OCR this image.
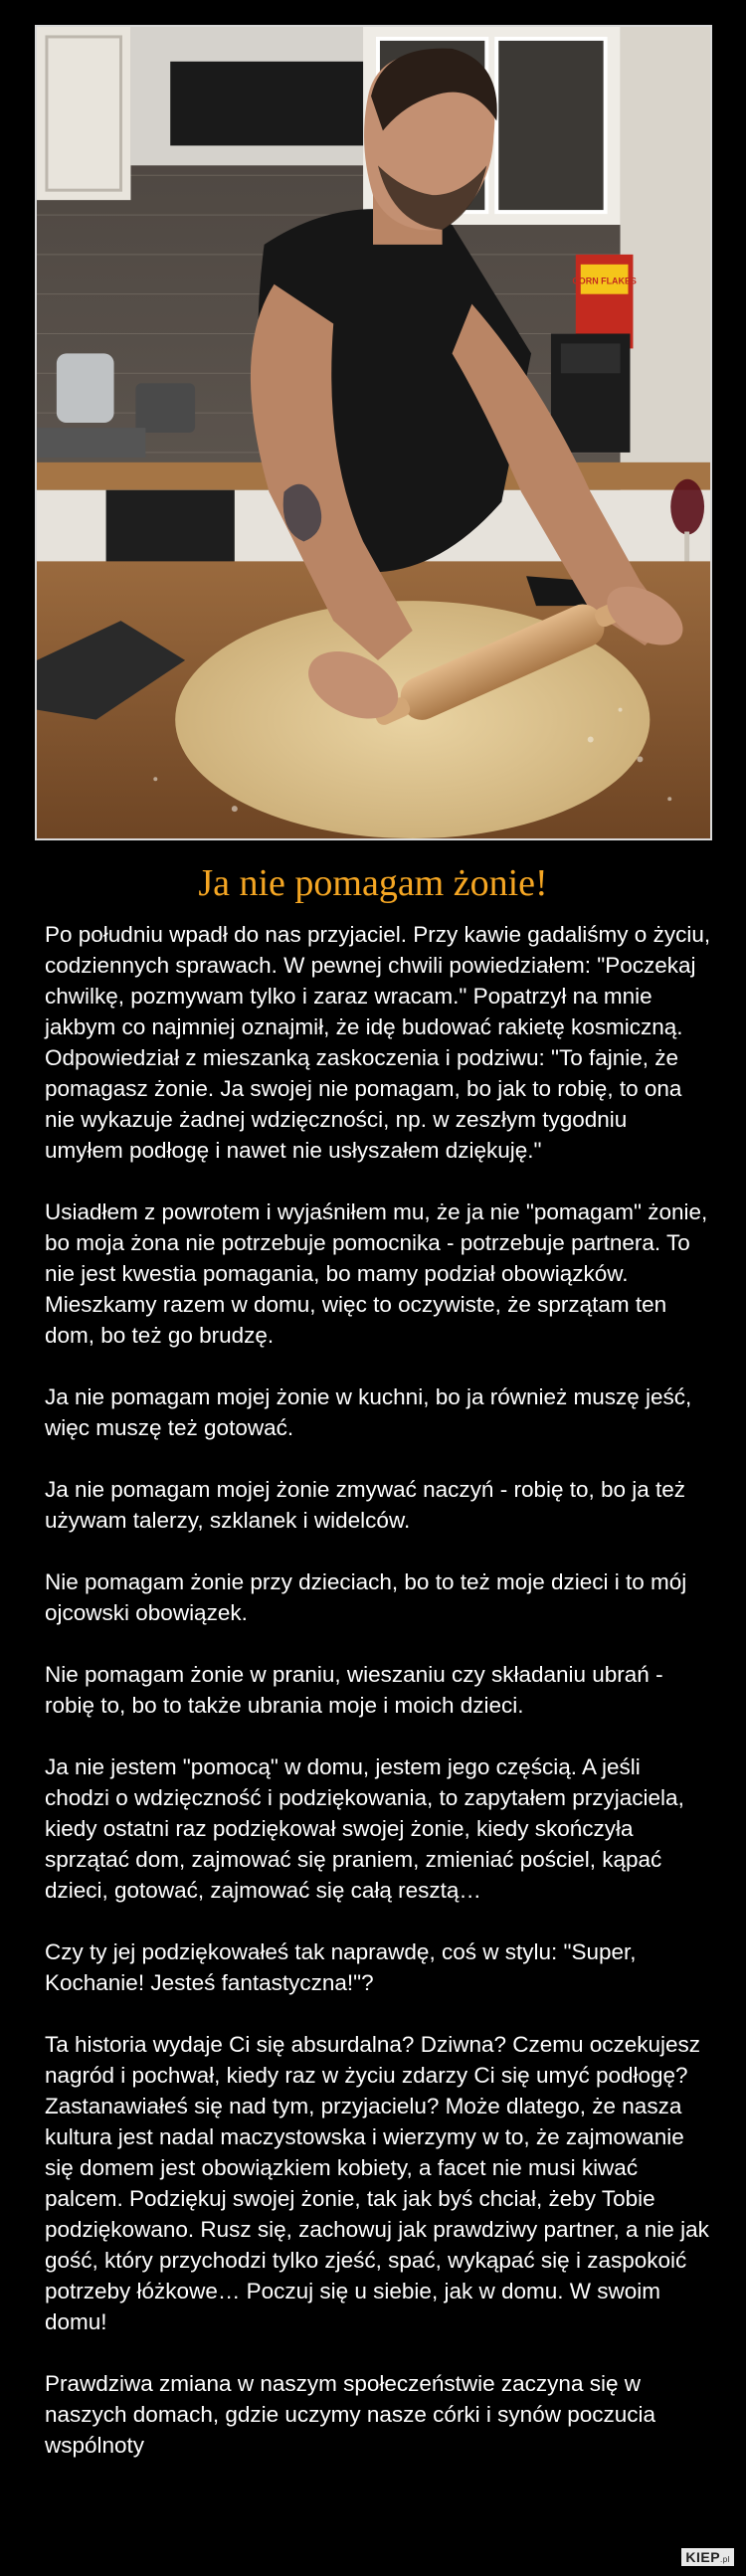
CORN FLAKES
Ja nie pomagam żonie!

Po południu wpadł do nas przyjaciel. Przy kawie gadaliśmy o życiu, codziennych sprawach. W pewnej chwili powiedziałem: "Poczekaj chwilkę, pozmywam tylko i zaraz wracam." Popatrzył na mnie jakbym co najmniej oznajmił, że idę budować rakietę kosmiczną. Odpowiedział z mieszanką zaskoczenia i podziwu: "To fajnie, że pomagasz żonie. Ja swojej nie pomagam, bo jak to robię, to ona nie wykazuje żadnej wdzięczności, np. w zeszłym tygodniu umyłem podłogę i nawet nie usłyszałem dziękuję."

Usiadłem z powrotem i wyjaśniłem mu, że ja nie "pomagam" żonie, bo moja żona nie potrzebuje pomocnika - potrzebuje partnera. To nie jest kwestia pomagania, bo mamy podział obowiązków. Mieszkamy razem w domu, więc to oczywiste, że sprzątam ten dom, bo też go brudzę.

Ja nie pomagam mojej żonie w kuchni, bo ja również muszę jeść, więc muszę też gotować.

Ja nie pomagam mojej żonie zmywać naczyń - robię to, bo ja też używam talerzy, szklanek i widelców.

Nie pomagam żonie przy dzieciach, bo to też moje dzieci i to mój ojcowski obowiązek.

Nie pomagam żonie w praniu, wieszaniu czy składaniu ubrań - robię to, bo to także ubrania moje i moich dzieci.

Ja nie jestem "pomocą" w domu, jestem jego częścią. A jeśli chodzi o wdzięczność i podziękowania, to zapytałem przyjaciela, kiedy ostatni raz podziękował swojej żonie, kiedy skończyła sprzątać dom, zajmować się praniem, zmieniać pościel, kąpać dzieci, gotować, zajmować się całą resztą…

Czy ty jej podziękowałeś tak naprawdę, coś w stylu: "Super, Kochanie! Jesteś fantastyczna!"?

Ta historia wydaje Ci się absurdalna? Dziwna? Czemu oczekujesz nagród i pochwał, kiedy raz w życiu zdarzy Ci się umyć podłogę? Zastanawiałeś się nad tym, przyjacielu? Może dlatego, że nasza kultura jest nadal maczystowska i wierzymy w to, że zajmowanie się domem jest obowiązkiem kobiety, a facet nie musi kiwać palcem. Podziękuj swojej żonie, tak jak byś chciał, żeby Tobie podziękowano. Rusz się, zachowuj jak prawdziwy partner, a nie jak gość, który przychodzi tylko zjeść, spać, wykąpać się i zaspokoić potrzeby łóżkowe… Poczuj się u siebie, jak w domu. W swoim domu!

Prawdziwa zmiana w naszym społeczeństwie zaczyna się w naszych domach, gdzie uczymy nasze córki i synów poczucia wspólnoty

KIEP.pl
